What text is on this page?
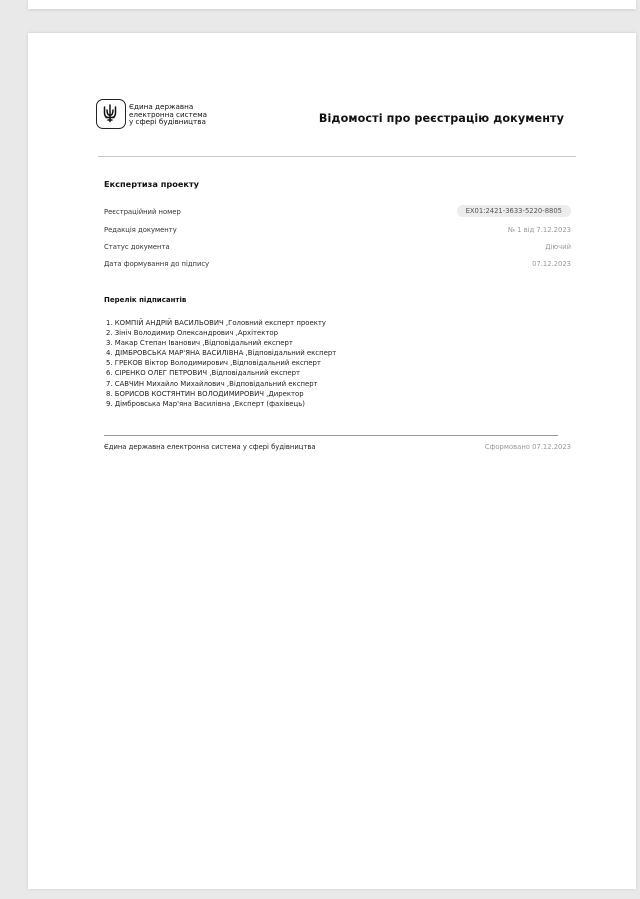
Єдина державна
електронна система
у сфері будівництва	Відомості про реєстрацію документу
Експертиза проекту
Реєстраційний номер	EX01:2421-3633-5220-8805
Редакція документу	№ 1 від 7.12.2023
Статус документа	Діючий
Дата формування до підпису	07.12.2023
Перелік підписантів
1. КОМПІЙ АНДРІЙ ВАСИЛЬОВИЧ ,Головний експерт проекту
2. Зініч Володимир Олександрович ,Архітектор
3. Макар Степан Іванович ,Відповідальний експерт
4. ДІМБРОВСЬКА МАР'ЯНА ВАСИЛІВНА ,Відповідальний експерт
5. ГРЕКОВ Віктор Володимирович ,Відповідальний експерт
6. СІРЕНКО ОЛЕГ ПЕТРОВИЧ ,Відповідальний експерт
7. САВЧИН Михайло Михайлович ,Відповідальний експерт
8. БОРИСОВ КОСТЯНТИН ВОЛОДИМИРОВИЧ ,Директор
9. Дімбровська Мар'яна Василівна ,Експерт (фахівець)
Єдина державна електронна система у сфері будівництва	Сформовано 07.12.2023
